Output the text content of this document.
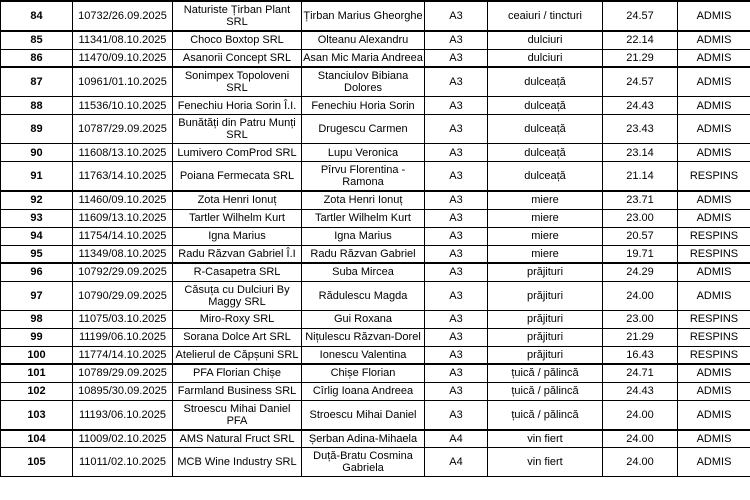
84	10732/26.09.2025	Naturiste Țirban Plant SRL	Țirban Marius Gheorghe	A3	ceaiuri / tincturi	24.57	ADMIS
85	11341/08.10.2025	Choco Boxtop SRL	Olteanu Alexandru	A3	dulciuri	22.14	ADMIS
86	11470/09.10.2025	Asanorii Concept SRL	Asan Mic Maria Andreea	A3	dulciuri	21.29	ADMIS
87	10961/01.10.2025	Sonimpex Topoloveni SRL	Stanciulov Bibiana Dolores	A3	dulceață	24.57	ADMIS
88	11536/10.10.2025	Fenechiu Horia Sorin Î.I.	Fenechiu Horia Sorin	A3	dulceață	24.43	ADMIS
89	10787/29.09.2025	Bunătăți din Patru Munți SRL	Drugescu Carmen	A3	dulceață	23.43	ADMIS
90	11608/13.10.2025	Lumivero ComProd SRL	Lupu Veronica	A3	dulceață	23.14	ADMIS
91	11763/14.10.2025	Poiana Fermecata SRL	Pîrvu Florentina - Ramona	A3	dulceață	21.14	RESPINS
92	11460/09.10.2025	Zota Henri Ionuț	Zota Henri Ionuț	A3	miere	23.71	ADMIS
93	11609/13.10.2025	Tartler Wilhelm Kurt	Tartler Wilhelm Kurt	A3	miere	23.00	ADMIS
94	11754/14.10.2025	Igna Marius	Igna Marius	A3	miere	20.57	RESPINS
95	11349/08.10.2025	Radu Răzvan Gabriel Î.I	Radu Răzvan Gabriel	A3	miere	19.71	RESPINS
96	10792/29.09.2025	R-Casapetra SRL	Suba Mircea	A3	prăjituri	24.29	ADMIS
97	10790/29.09.2025	Căsuța cu Dulciuri By Maggy SRL	Rădulescu Magda	A3	prăjituri	24.00	ADMIS
98	11075/03.10.2025	Miro-Roxy SRL	Gui Roxana	A3	prăjituri	23.00	RESPINS
99	11199/06.10.2025	Sorana Dolce Art SRL	Nițulescu Răzvan-Dorel	A3	prăjituri	21.29	RESPINS
100	11774/14.10.2025	Atelierul de Căpșuni SRL	Ionescu Valentina	A3	prăjituri	16.43	RESPINS
101	10789/29.09.2025	PFA Florian Chișe	Chișe Florian	A3	țuică / pălincă	24.71	ADMIS
102	10895/30.09.2025	Farmland Business SRL	Cîrlig Ioana Andreea	A3	țuică / pălincă	24.43	ADMIS
103	11193/06.10.2025	Stroescu Mihai Daniel PFA	Stroescu Mihai Daniel	A3	țuică / pălincă	24.00	ADMIS
104	11009/02.10.2025	AMS Natural Fruct SRL	Șerban Adina-Mihaela	A4	vin fiert	24.00	ADMIS
105	11011/02.10.2025	MCB Wine Industry SRL	Duță-Bratu Cosmina Gabriela	A4	vin fiert	24.00	ADMIS
